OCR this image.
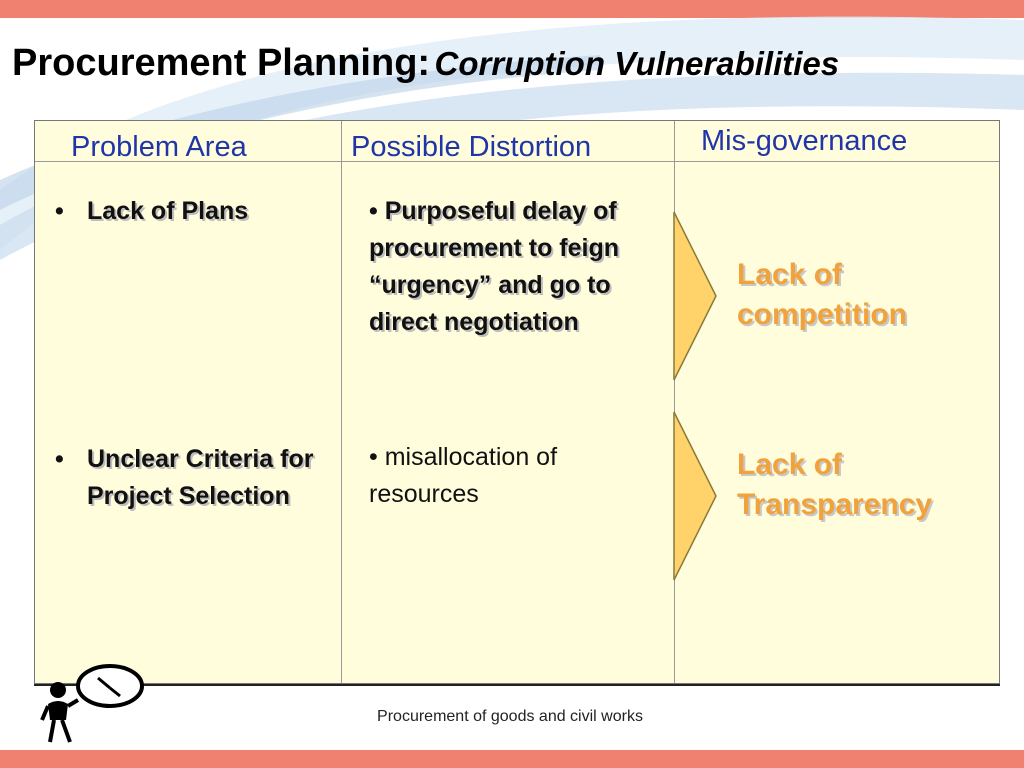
Procurement Planning: Corruption Vulnerabilities
Problem Area	Possible Distortion	Mis-governance
• Lack of Plans
• Unclear Criteria for Project Selection
• Purposeful delay of procurement to feign “urgency” and go to direct negotiation
• misallocation of resources
Lack of competition
Lack of Transparency
Procurement of goods and civil works
